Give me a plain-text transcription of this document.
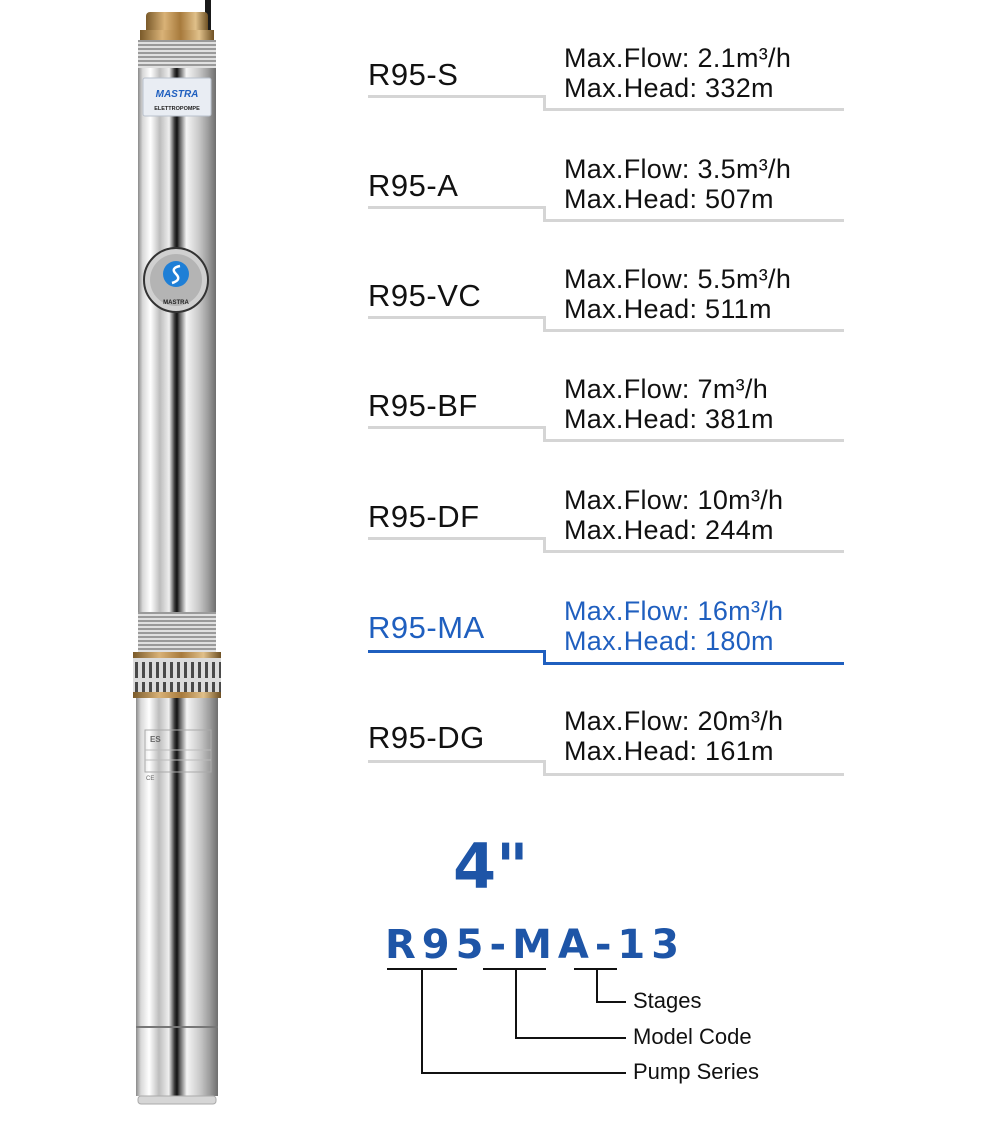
MASTRA
ELETTROPOMPE
MASTRA
ES
CE
R95-S	Max.Flow: 2.1m³/h
Max.Head: 332m
R95-A	Max.Flow: 3.5m³/h
Max.Head: 507m
R95-VC	Max.Flow: 5.5m³/h
Max.Head: 511m
R95-BF	Max.Flow: 7m³/h
Max.Head: 381m
R95-DF	Max.Flow: 10m³/h
Max.Head: 244m
R95-MA	Max.Flow: 16m³/h
Max.Head: 180m
R95-DG	Max.Flow: 20m³/h
Max.Head: 161m
4"
R95-MA-13
Stages
Model Code
Pump Series
